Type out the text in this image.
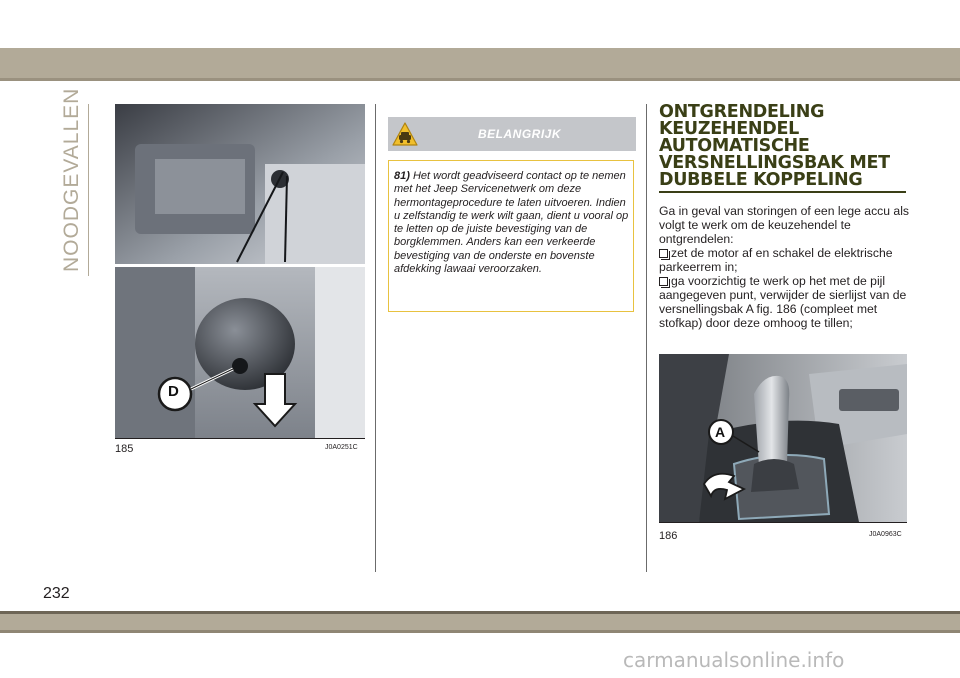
NOODGEVALLEN
D
185	J0A0251C
BELANGRIJK
81) Het wordt geadviseerd contact op te nemen met het Jeep Servicenetwerk om deze hermontageprocedure te laten uitvoeren. Indien u zelfstandig te werk wilt gaan, dient u vooral op te letten op de juiste bevestiging van de borgklemmen. Anders kan een verkeerde bevestiging van de onderste en bovenste afdekking lawaai veroorzaken.
ONTGRENDELING KEUZEHENDEL AUTOMATISCHE VERSNELLINGSBAK MET DUBBELE KOPPELING

Ga in geval van storingen of een lege accu als volgt te werk om de keuzehendel te ontgrendelen:

zet de motor af en schakel de elektrische parkeerrem in;

ga voorzichtig te werk op het met de pijl aangegeven punt, verwijder de sierlijst van de versnellingsbak A fig. 186 (compleet met stofkap) door deze omhoog te tillen;

A
186	J0A0963C
232
carmanualsonline.info
